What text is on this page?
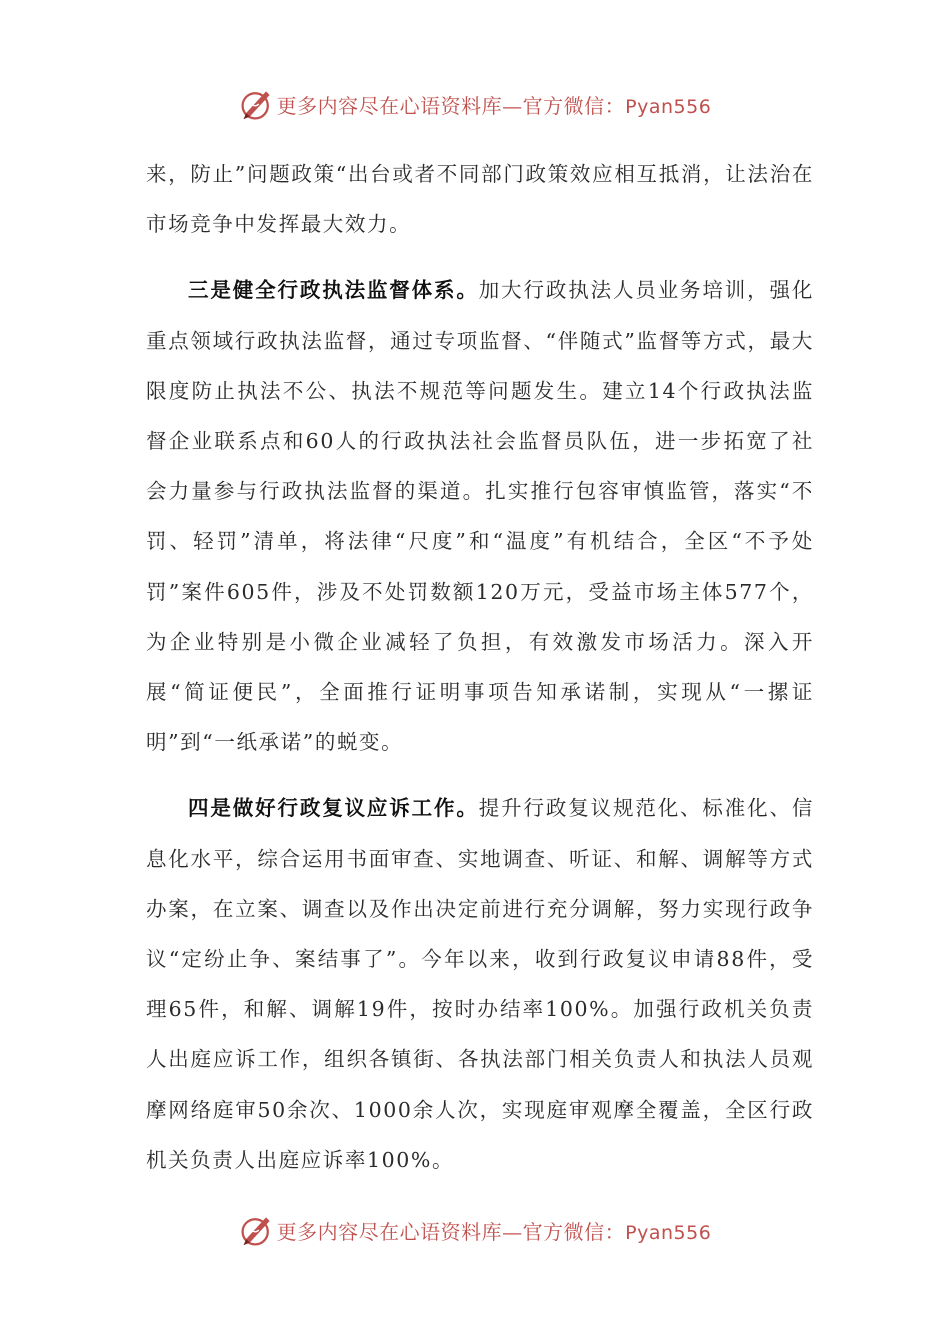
更多内容尽在心语资料库—官方微信：Pyan556

来，防止”问题政策“出台或者不同部门政策效应相互抵消，让法治在市场竞争中发挥最大效力。

三是健全行政执法监督体系。加大行政执法人员业务培训，强化重点领域行政执法监督，通过专项监督、“伴随式”监督等方式，最大限度防止执法不公、执法不规范等问题发生。建立14个行政执法监督企业联系点和60人的行政执法社会监督员队伍，进一步拓宽了社会力量参与行政执法监督的渠道。扎实推行包容审慎监管，落实“不罚、轻罚”清单，将法律“尺度”和“温度”有机结合，全区“不予处罚”案件605件，涉及不处罚数额120万元，受益市场主体577个，为企业特别是小微企业减轻了负担，有效激发市场活力。深入开展“简证便民”，全面推行证明事项告知承诺制，实现从“一摞证明”到“一纸承诺”的蜕变。

四是做好行政复议应诉工作。提升行政复议规范化、标准化、信息化水平，综合运用书面审查、实地调查、听证、和解、调解等方式办案，在立案、调查以及作出决定前进行充分调解，努力实现行政争议“定纷止争、案结事了”。今年以来，收到行政复议申请88件，受理65件，和解、调解19件，按时办结率100%。加强行政机关负责人出庭应诉工作，组织各镇街、各执法部门相关负责人和执法人员观摩网络庭审50余次、1000余人次，实现庭审观摩全覆盖，全区行政机关负责人出庭应诉率100%。

更多内容尽在心语资料库—官方微信：Pyan556
